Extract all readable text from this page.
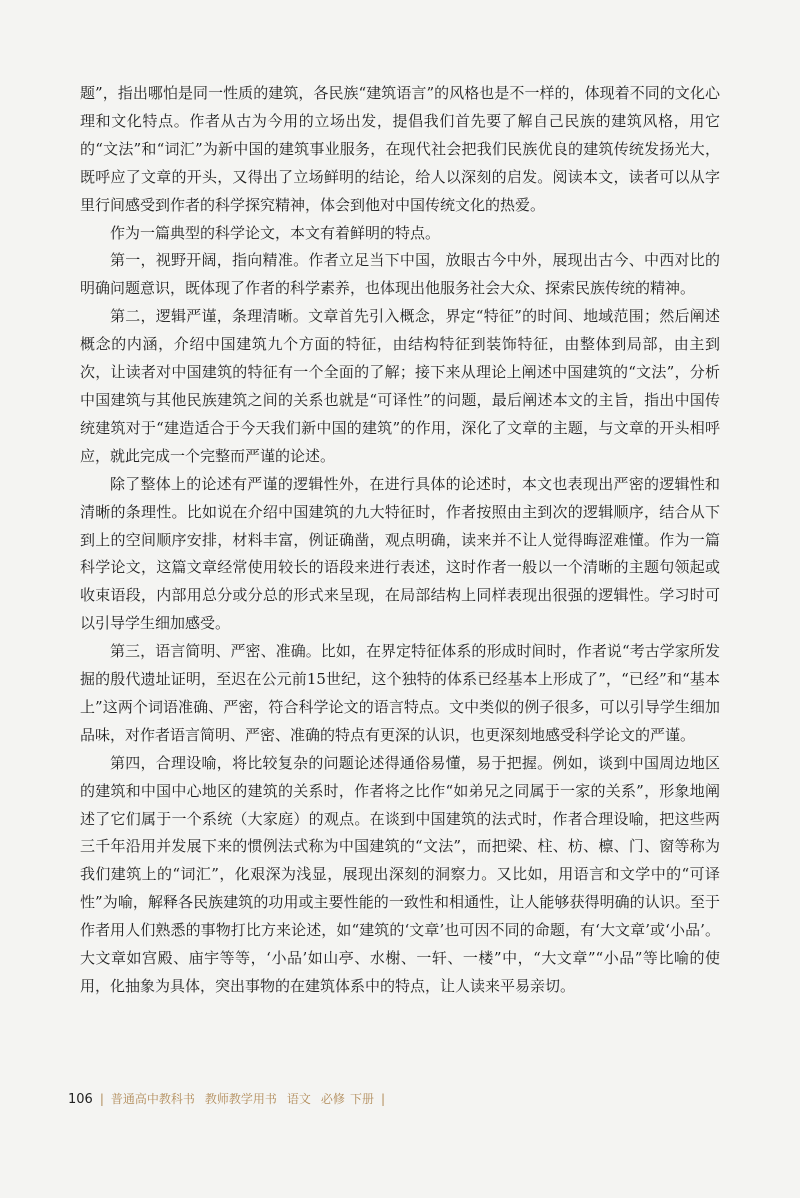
题”，指出哪怕是同一性质的建筑，各民族“建筑语言”的风格也是不一样的，体现着不同的文化心理和文化特点。作者从古为今用的立场出发，提倡我们首先要了解自己民族的建筑风格，用它的“文法”和“词汇”为新中国的建筑事业服务，在现代社会把我们民族优良的建筑传统发扬光大，既呼应了文章的开头，又得出了立场鲜明的结论，给人以深刻的启发。阅读本文，读者可以从字里行间感受到作者的科学探究精神，体会到他对中国传统文化的热爱。

作为一篇典型的科学论文，本文有着鲜明的特点。

第一，视野开阔，指向精准。作者立足当下中国，放眼古今中外，展现出古今、中西对比的明确问题意识，既体现了作者的科学素养，也体现出他服务社会大众、探索民族传统的精神。

第二，逻辑严谨，条理清晰。文章首先引入概念，界定“特征”的时间、地域范围；然后阐述概念的内涵，介绍中国建筑九个方面的特征，由结构特征到装饰特征，由整体到局部，由主到次，让读者对中国建筑的特征有一个全面的了解；接下来从理论上阐述中国建筑的“文法”，分析中国建筑与其他民族建筑之间的关系也就是“可译性”的问题，最后阐述本文的主旨，指出中国传统建筑对于“建造适合于今天我们新中国的建筑”的作用，深化了文章的主题，与文章的开头相呼应，就此完成一个完整而严谨的论述。

除了整体上的论述有严谨的逻辑性外，在进行具体的论述时，本文也表现出严密的逻辑性和清晰的条理性。比如说在介绍中国建筑的九大特征时，作者按照由主到次的逻辑顺序，结合从下到上的空间顺序安排，材料丰富，例证确凿，观点明确，读来并不让人觉得晦涩难懂。作为一篇科学论文，这篇文章经常使用较长的语段来进行表述，这时作者一般以一个清晰的主题句领起或收束语段，内部用总分或分总的形式来呈现，在局部结构上同样表现出很强的逻辑性。学习时可以引导学生细加感受。

第三，语言简明、严密、准确。比如，在界定特征体系的形成时间时，作者说“考古学家所发掘的殷代遗址证明，至迟在公元前15世纪，这个独特的体系已经基本上形成了”，“已经”和“基本上”这两个词语准确、严密，符合科学论文的语言特点。文中类似的例子很多，可以引导学生细加品味，对作者语言简明、严密、准确的特点有更深的认识，也更深刻地感受科学论文的严谨。

第四，合理设喻，将比较复杂的问题论述得通俗易懂，易于把握。例如，谈到中国周边地区的建筑和中国中心地区的建筑的关系时，作者将之比作“如弟兄之同属于一家的关系”，形象地阐述了它们属于一个系统（大家庭）的观点。在谈到中国建筑的法式时，作者合理设喻，把这些两三千年沿用并发展下来的惯例法式称为中国建筑的“文法”，而把梁、柱、枋、檩、门、窗等称为我们建筑上的“词汇”，化艰深为浅显，展现出深刻的洞察力。又比如，用语言和文学中的“可译性”为喻，解释各民族建筑的功用或主要性能的一致性和相通性，让人能够获得明确的认识。至于作者用人们熟悉的事物打比方来论述，如“建筑的‘文章’也可因不同的命题，有‘大文章’或‘小品’。大文章如宫殿、庙宇等等，‘小品’如山亭、水榭、一轩、一楼”中，“大文章”“小品”等比喻的使用，化抽象为具体，突出事物的在建筑体系中的特点，让人读来平易亲切。

106 | 普通高中教科书 教师教学用书 语文 必修 下册 |
